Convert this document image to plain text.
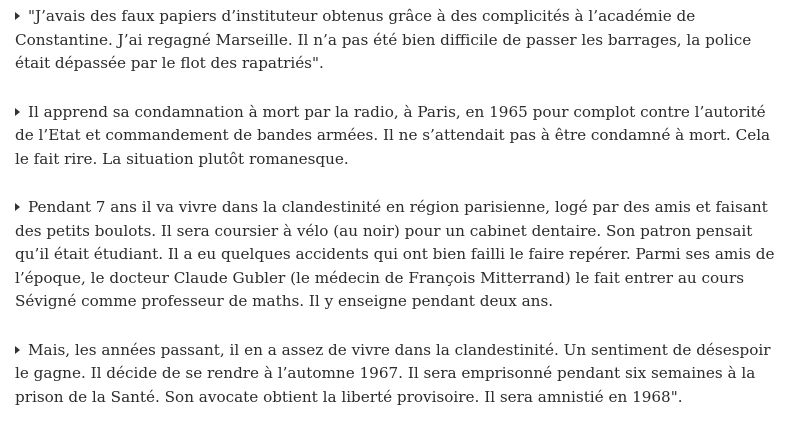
"J’avais des faux papiers d’instituteur obtenus grâce à des complicités à l’académie de Constantine. J’ai regagné Marseille. Il n’a pas été bien difficile de passer les barrages, la police était dépassée par le flot des rapatriés".

Il apprend sa condamnation à mort par la radio, à Paris, en 1965 pour complot contre l’autorité de l’Etat et commandement de bandes armées. Il ne s’attendait pas à être condamné à mort. Cela le fait rire. La situation plutôt romanesque.

Pendant 7 ans il va vivre dans la clandestinité en région parisienne, logé par des amis et faisant des petits boulots. Il sera coursier à vélo (au noir) pour un cabinet dentaire. Son patron pensait qu’il était étudiant. Il a eu quelques accidents qui ont bien failli le faire repérer. Parmi ses amis de l’époque, le docteur Claude Gubler (le médecin de François Mitterrand) le fait entrer au cours Sévigné comme professeur de maths. Il y enseigne pendant deux ans.

Mais, les années passant, il en a assez de vivre dans la clandestinité. Un sentiment de désespoir le gagne. Il décide de se rendre à l’automne 1967. Il sera emprisonné pendant six semaines à la prison de la Santé. Son avocate obtient la liberté provisoire. Il sera amnistié en 1968".
